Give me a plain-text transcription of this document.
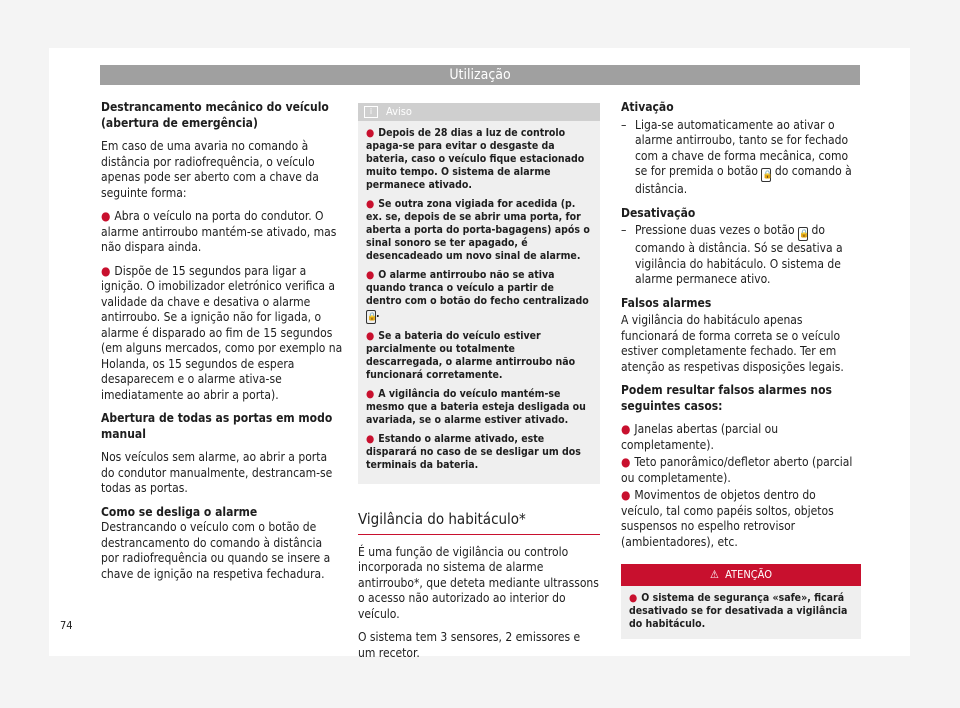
Utilização

Destrancamento mecânico do veículo (abertura de emergência)

Em caso de uma avaria no comando à distância por radiofrequência, o veículo apenas pode ser aberto com a chave da seguinte forma:

● Abra o veículo na porta do condutor. O alarme antirroubo mantém-se ativado, mas não dispara ainda.

● Dispõe de 15 segundos para ligar a ignição. O imobilizador eletrónico verifica a validade da chave e desativa o alarme antirroubo. Se a ignição não for ligada, o alarme é disparado ao fim de 15 segundos (em alguns mercados, como por exemplo na Holanda, os 15 segundos de espera desaparecem e o alarme ativa-se imediatamente ao abrir a porta).

Abertura de todas as portas em modo manual

Nos veículos sem alarme, ao abrir a porta do condutor manualmente, destrancam-se todas as portas.

Como se desliga o alarme

Destrancando o veículo com o botão de destrancamento do comando à distância por radiofrequência ou quando se insere a chave de ignição na respetiva fechadura.

i Aviso

● Depois de 28 dias a luz de controlo apaga-se para evitar o desgaste da bateria, caso o veículo fique estacionado muito tempo. O sistema de alarme permanece ativado.

● Se outra zona vigiada for acedida (p. ex. se, depois de se abrir uma porta, for aberta a porta do porta-bagagens) após o sinal sonoro se ter apagado, é desencadeado um novo sinal de alarme.

● O alarme antirroubo não se ativa quando tranca o veículo a partir de dentro com o botão do fecho centralizado 🔒.

● Se a bateria do veículo estiver parcialmente ou totalmente descarregada, o alarme antirroubo não funcionará corretamente.

● A vigilância do veículo mantém-se mesmo que a bateria esteja desligada ou avariada, se o alarme estiver ativado.

● Estando o alarme ativado, este disparará no caso de se desligar um dos terminais da bateria.

Vigilância do habitáculo*

É uma função de vigilância ou controlo incorporada no sistema de alarme antirroubo*, que deteta mediante ultrassons o acesso não autorizado ao interior do veículo.

O sistema tem 3 sensores, 2 emissores e um recetor.

Ativação

– Liga-se automaticamente ao ativar o alarme antirroubo, tanto se for fechado com a chave de forma mecânica, como se for premida o botão 🔒 do comando à distância.

Desativação

– Pressione duas vezes o botão 🔒 do comando à distância. Só se desativa a vigilância do habitáculo. O sistema de alarme permanece ativo.

Falsos alarmes

A vigilância do habitáculo apenas funcionará de forma correta se o veículo estiver completamente fechado. Ter em atenção as respetivas disposições legais.

Podem resultar falsos alarmes nos seguintes casos:

● Janelas abertas (parcial ou completamente).

● Teto panorâmico/defletor aberto (parcial ou completamente).

● Movimentos de objetos dentro do veículo, tal como papéis soltos, objetos suspensos no espelho retrovisor (ambientadores), etc.

⚠ ATENÇÃO
● O sistema de segurança «safe», ficará desativado se for desativada a vigilância do habitáculo.
74
